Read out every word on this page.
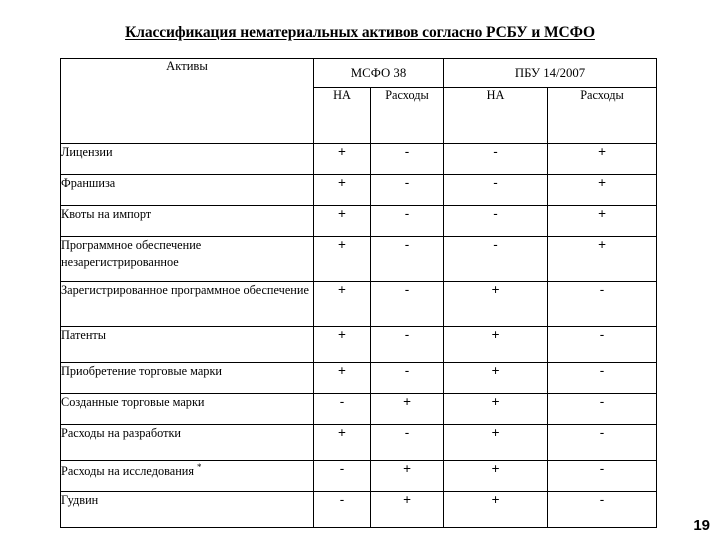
Классификация нематериальных активов согласно РСБУ и МСФО
Активы	МСФО 38		ПБУ 14/2007	
	НА	Расходы	НА	Расходы
Лицензии	+	-	-	+
Франшиза	+	-	-	+
Квоты на импорт	+	-	-	+
Программное обеспечение незарегистрированное	+	-	-	+
Зарегистрированное программное обеспечение	+	-	+	-
Патенты	+	-	+	-
Приобретение торговые марки	+	-	+	-
Созданные торговые марки	-	+	+	-
Расходы на разработки	+	-	+	-
Расходы на исследования *	-	+	+	-
Гудвин	-	+	+	-
19
